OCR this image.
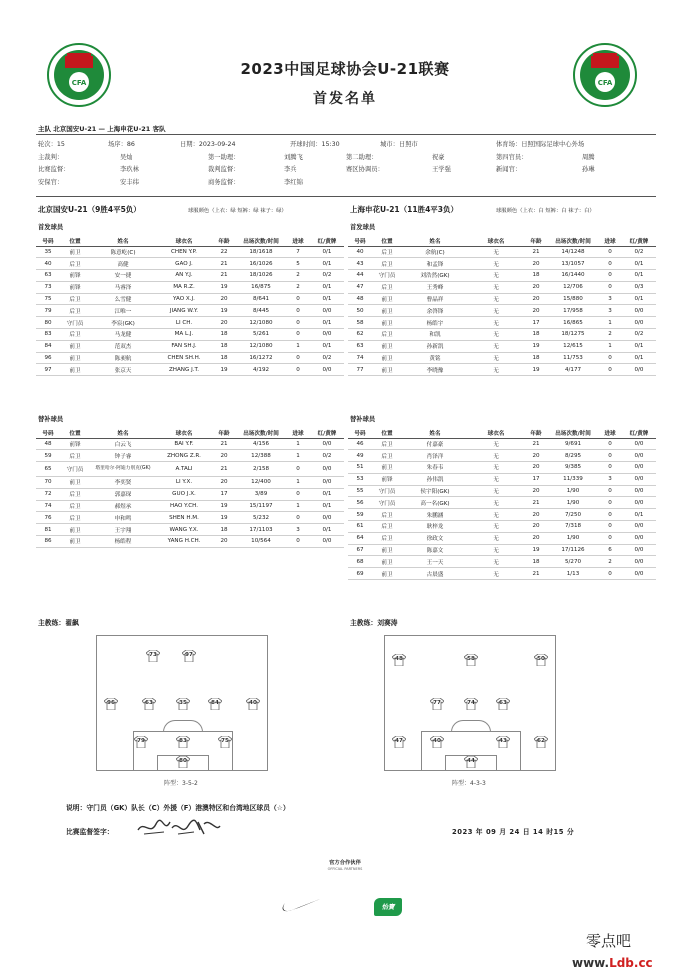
CFA	CFA
2023中国足球协会U-21联赛
首发名单
主队 北京国安U-21 — 上海申花U-21 客队
轮次：15	场序：86	日期：2023-09-24	开球时间：15:30	城市：日照市	体育场：日照国际足球中心外场
主裁判：	吴灿	第一助理：	刘腾飞	第二助理：	祝豪	第四官员：	周腾
比赛监督：	李玖林	裁判监督：	李兵	赛区协调员：	王学强	新闻官：	孙琳
安保官：	安丰纬	商务监督：	李红锦
北京国安U-21（9胜4平5负）	球服颜色（上衣：绿 短裤：绿 袜子：绿）	上海申花U-21（11胜4平3负）	球服颜色（上衣：白 短裤：白 袜子：白）
首发球员	首发球员
号码	位置	姓名	球衣名	年龄	出场次数/时间	进球	红/黄牌
35	前卫	陈意屹(C)	CHEN Y.P.	22	18/1618	7	0/1
40	后卫	高健	GAO J.	21	16/1026	5	0/1
63	前锋	安一捷	AN Y.J.	21	18/1026	2	0/2
73	前锋	马睿泽	MA R.Z.	19	16/875	2	0/1
75	后卫	么雪健	YAO X.J.	20	8/641	0	0/1
79	后卫	江唯一	JIANG W.Y.	19	8/445	0	0/0
80	守门员	李宸(GK)	LI CH.	20	12/1080	0	0/1
83	后卫	马龙健	MA L.J.	18	5/261	0	0/0
84	前卫	范双杰	FAN SH.J.	18	12/1080	1	0/1
96	前卫	陈昶航	CHEN SH.H.	18	16/1272	0	0/2
97	前卫	张京天	ZHANG J.T.	19	4/192	0	0/0
号码	位置	姓名	球衣名	年龄	出场次数/时间	进球	红/黄牌
40	后卫	余航(C)	无	21	14/1248	0	0/2
43	后卫	和孟锋	无	20	13/1057	0	0/1
44	守门员	刘浩然(GK)	无	18	16/1440	0	0/1
47	后卫	王秀峰	无	20	12/706	0	0/3
48	前卫	曹晶祥	无	20	15/880	3	0/1
50	前卫	余啓锋	无	20	17/958	3	0/0
58	前卫	杨皓宇	无	17	16/865	1	0/0
62	后卫	和凯	无	18	18/1275	2	0/2
63	前卫	孙新凯	无	19	12/615	1	0/1
74	前卫	黄铭	无	18	11/753	0	0/1
77	前卫	李晓豫	无	19	4/177	0	0/0
替补球员	替补球员
号码	位置	姓名	球衣名	年龄	出场次数/时间	进球	红/黄牌
48	前锋	白云飞	BAI Y.F.	21	4/156	1	0/0
59	后卫	钟子睿	ZHONG Z.R.	20	12/388	1	0/2
65	守门员	塔里哈尔·阿迪力别克(GK)	A.TALI	21	2/158	0	0/0
70	前卫	李奕贤	LI Y.X.	20	12/400	1	0/0
72	后卫	郭嘉琛	GUO J.X.	17	3/89	0	0/1
74	后卫	郝煜承	HAO Y.CH.	19	15/1197	1	0/1
76	后卫	申和鸣	SHEN H.M.	19	5/232	0	0/0
81	前卫	王宇翔	WANG Y.X.	18	17/1103	3	0/1
86	前卫	杨皓程	YANG H.CH.	20	10/564	0	0/0
号码	位置	姓名	球衣名	年龄	出场次数/时间	进球	红/黄牌
46	后卫	付嘉豪	无	21	9/691	0	0/0
49	后卫	肖泽洋	无	20	8/295	0	0/0
51	前卫	朱春韦	无	20	9/385	0	0/0
53	前锋	孙伟凯	无	17	11/339	3	0/0
55	守门员	侯宇阳(GK)	无	20	1/90	0	0/0
56	守门员	高一名(GK)	无	21	1/90	0	0/0
59	后卫	朱鹏涵	无	20	7/250	0	0/1
61	后卫	耿梓龙	无	20	7/318	0	0/0
64	后卫	徐政文	无	20	1/90	0	0/0
67	前卫	陈嘉文	无	19	17/1126	6	0/0
68	前卫	王一天	无	18	5/270	2	0/0
69	前卫	古晨盛	无	21	1/13	0	0/0
主教练：翟飙	主教练：刘赛涛
73	97
96	63	35	84	40
79	83	75
80
48	58	50
77	74	63
47	40	43	62
44
阵型：3-5-2	阵型：4-3-3
说明：守门员（GK）队长（C）外援（F）港澳特区和台湾地区球员（☆）
比赛监督签字：	2023 年 09 月 24 日 14 时15 分
官方合作伙伴
OFFICIAL PARTNERS
怡寶
零点吧
www.Ldb.cc
